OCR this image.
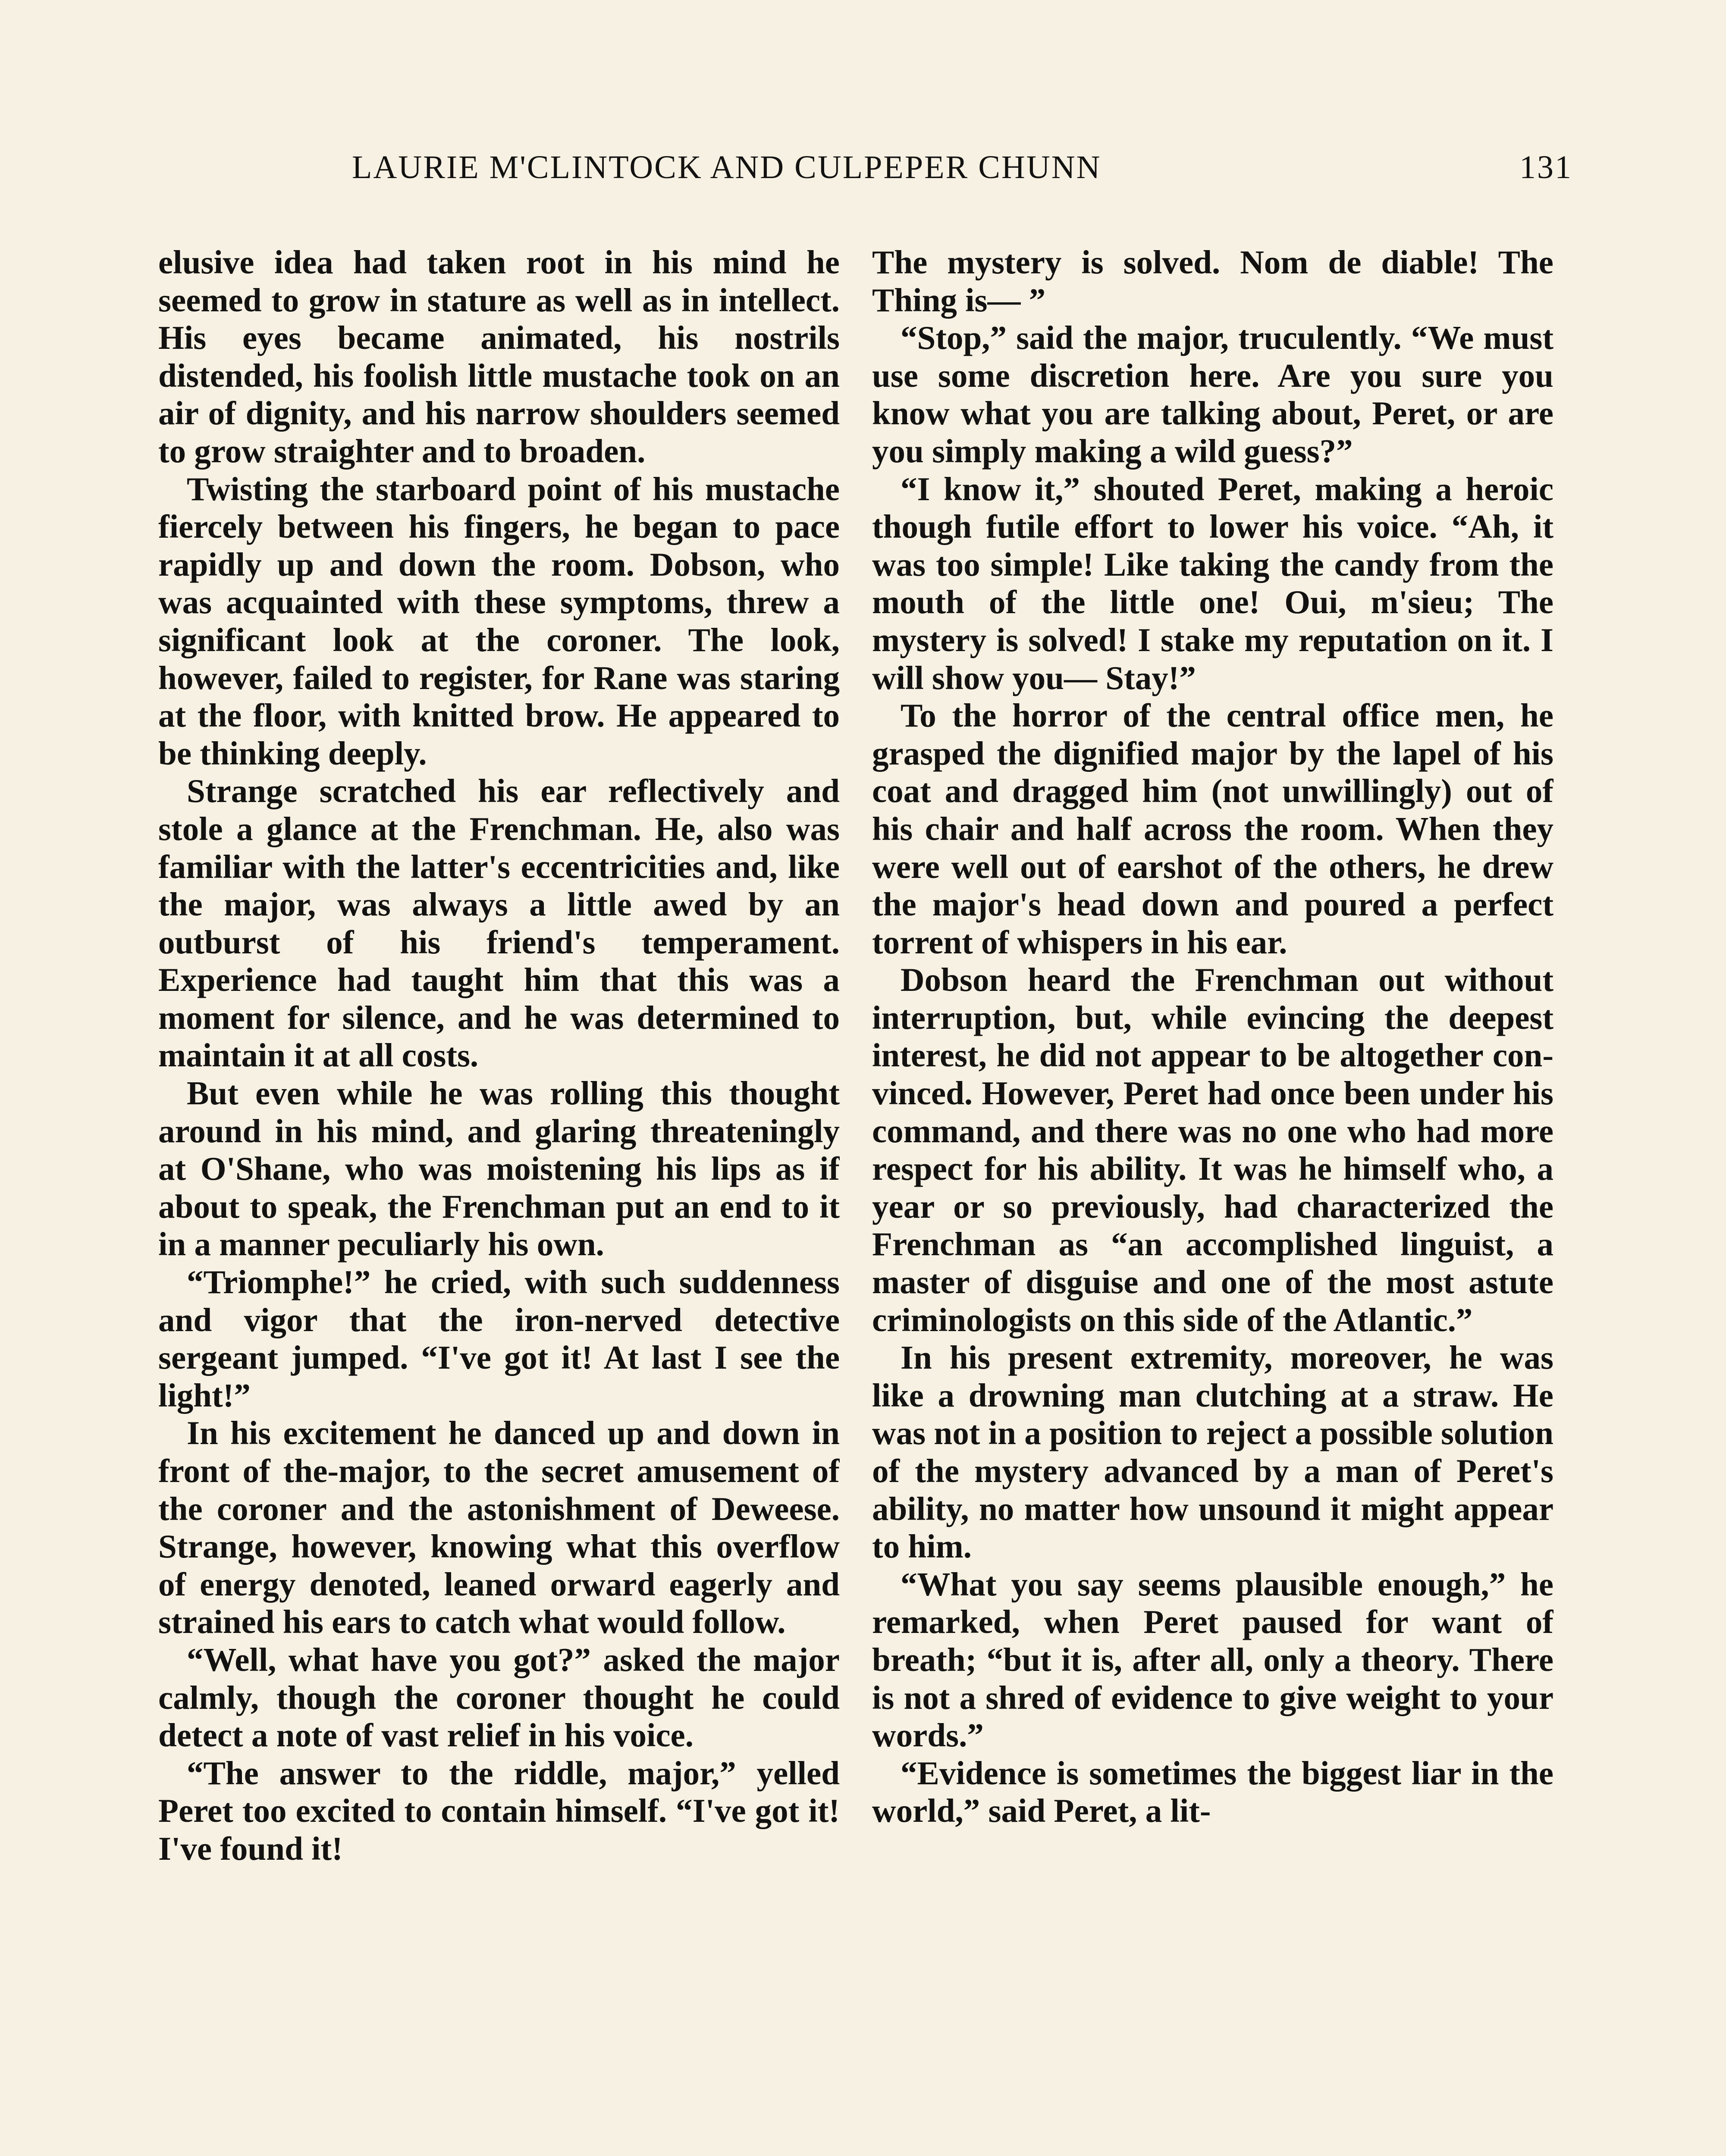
LAURIE M'CLINTOCK AND CULPEPER CHUNN	131

elusive idea had taken root in his mind he seemed to grow in stature as well as in intellect. His eyes became animated, his nostrils distended, his foolish little mustache took on an air of dignity, and his narrow shoulders seemed to grow straighter and to broaden.

Twisting the starboard point of his mustache fiercely between his fingers, he began to pace rapidly up and down the room. Dobson, who was acquainted with these symptoms, threw a significant look at the coroner. The look, however, failed to register, for Rane was staring at the floor, with knitted brow. He appeared to be thinking deeply.

Strange scratched his ear reflectively and stole a glance at the Frenchman. He, also was familiar with the latter's eccentricities and, like the major, was always a little awed by an outburst of his friend's temperament. Experience had taught him that this was a moment for silence, and he was determined to maintain it at all costs.

But even while he was rolling this thought around in his mind, and glaring threateningly at O'Shane, who was moistening his lips as if about to speak, the Frenchman put an end to it in a manner peculiarly his own.

“Triomphe!” he cried, with such suddenness and vigor that the iron-nerved detective sergeant jumped. “I've got it! At last I see the light!”

In his excitement he danced up and down in front of the-major, to the secret amusement of the coroner and the astonishment of Deweese. Strange, however, knowing what this overflow of energy denoted, leaned orward eagerly and strained his ears to catch what would follow.

“Well, what have you got?” asked the major calmly, though the coroner thought he could detect a note of vast relief in his voice.

“The answer to the riddle, major,” yelled Peret too excited to contain himself. “I've got it! I've found it!

The mystery is solved. Nom de diable! The Thing is— ”

“Stop,” said the major, truculently. “We must use some discretion here. Are you sure you know what you are talking about, Peret, or are you simply making a wild guess?”

“I know it,” shouted Peret, making a heroic though futile effort to lower his voice. “Ah, it was too simple! Like taking the candy from the mouth of the little one! Oui, m'sieu; The mystery is solved! I stake my reputation on it. I will show you— Stay!”

To the horror of the central office men, he grasped the dignified major by the lapel of his coat and dragged him (not unwillingly) out of his chair and half across the room. When they were well out of earshot of the others, he drew the major's head down and poured a perfect torrent of whispers in his ear.

Dobson heard the Frenchman out without interruption, but, while evincing the deepest interest, he did not appear to be altogether convinced. However, Peret had once been under his command, and there was no one who had more respect for his ability. It was he himself who, a year or so previously, had characterized the Frenchman as “an accomplished linguist, a master of disguise and one of the most astute criminologists on this side of the Atlantic.”

In his present extremity, moreover, he was like a drowning man clutching at a straw. He was not in a position to reject a possible solution of the mystery advanced by a man of Peret's ability, no matter how unsound it might appear to him.

“What you say seems plausible enough,” he remarked, when Peret paused for want of breath; “but it is, after all, only a theory. There is not a shred of evidence to give weight to your words.”

“Evidence is sometimes the biggest liar in the world,” said Peret, a lit-
